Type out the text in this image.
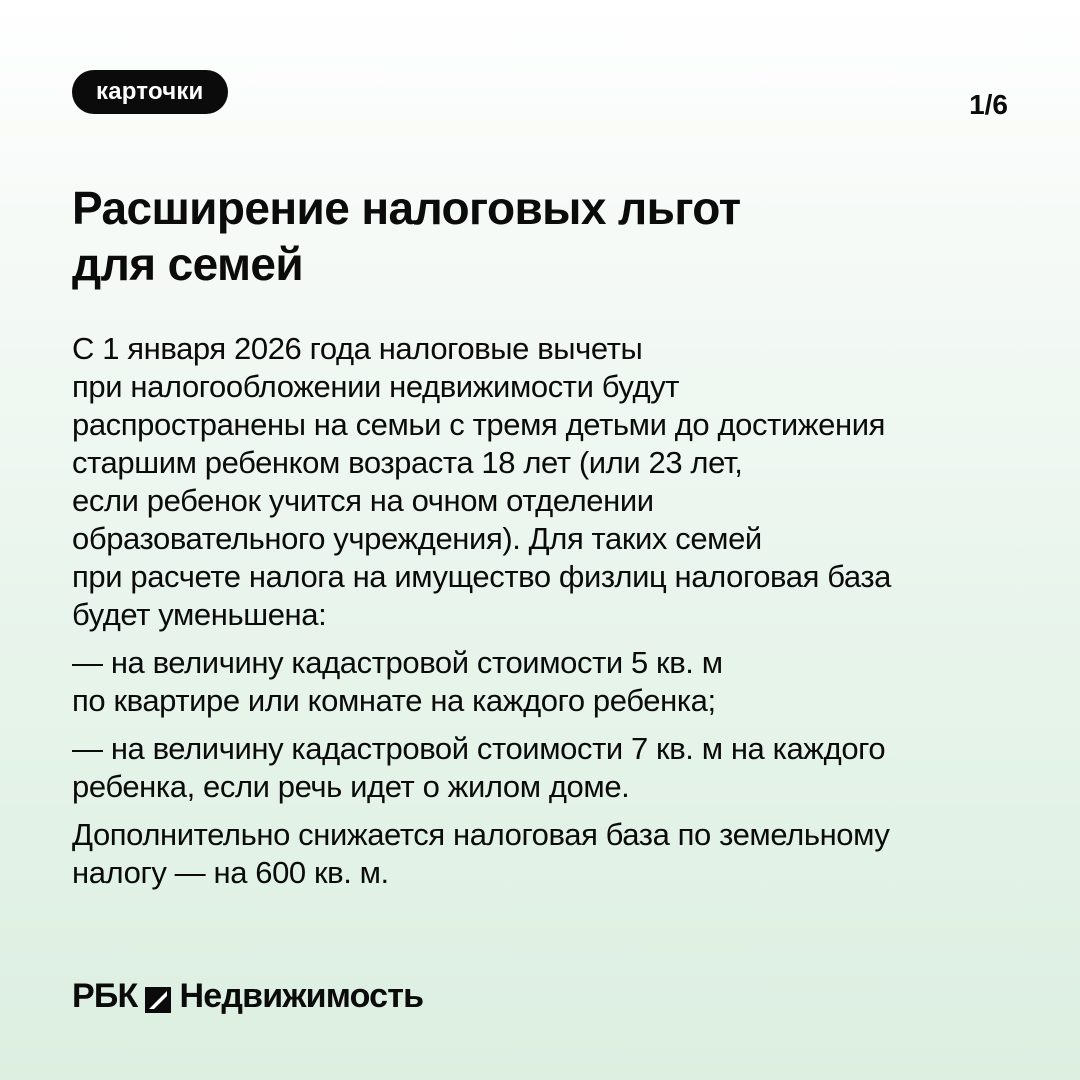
карточки	1/6
Расширение налоговых льгот
для семей

С 1 января 2026 года налоговые вычеты
при налогообложении недвижимости будут
распространены на семьи с тремя детьми до достижения
старшим ребенком возраста 18 лет (или 23 лет,
если ребенок учится на очном отделении
образовательного учреждения). Для таких семей
при расчете налога на имущество физлиц налоговая база
будет уменьшена:

— на величину кадастровой стоимости 5 кв. м
по квартире или комнате на каждого ребенка;

— на величину кадастровой стоимости 7 кв. м на каждого
ребенка, если речь идет о жилом доме.

Дополнительно снижается налоговая база по земельному
налогу — на 600 кв. м.

РБК Недвижимость
